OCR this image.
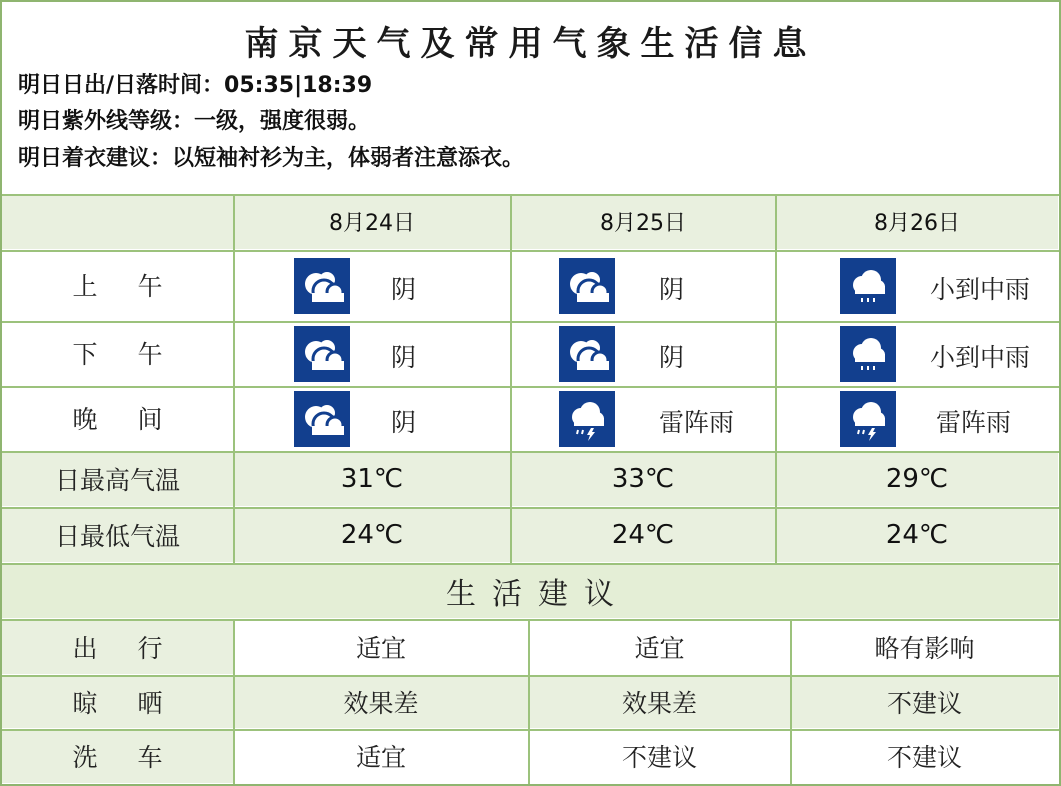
南京天气及常用气象生活信息
明日日出/日落时间：05:35|18:39
明日紫外线等级：一级，强度很弱。
明日着衣建议：以短袖衬衫为主，体弱者注意添衣。
8月24日	8月25日	8月26日
上 午	阴	阴	小到中雨
下 午	阴	阴	小到中雨
晚 间	阴	雷阵雨	雷阵雨
日最高气温	31℃	33℃	29℃
日最低气温	24℃	24℃	24℃
生活建议
出 行	适宜	适宜	略有影响
晾 晒	效果差	效果差	不建议
洗 车	适宜	不建议	不建议
